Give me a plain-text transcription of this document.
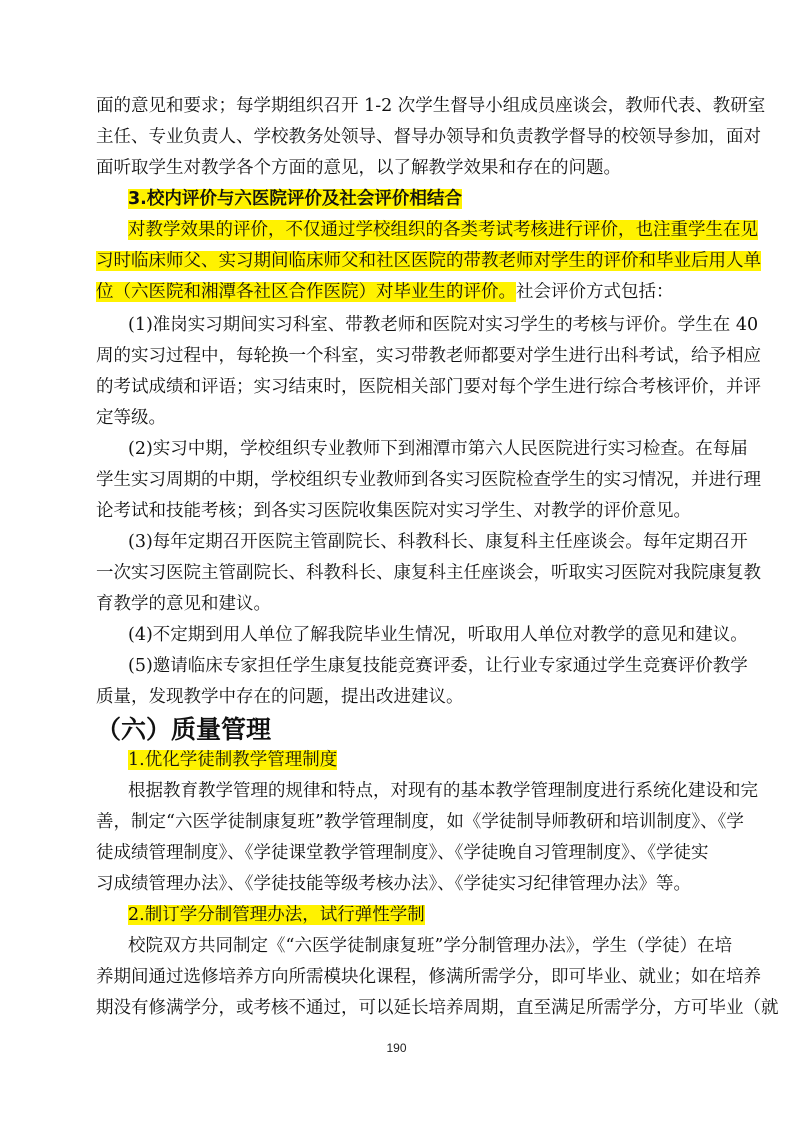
面的意见和要求；每学期组织召开 1-2 次学生督导小组成员座谈会，教师代表、教研室
主任、专业负责人、学校教务处领导、督导办领导和负责教学督导的校领导参加，面对
面听取学生对教学各个方面的意见，以了解教学效果和存在的问题。
3.校内评价与六医院评价及社会评价相结合
对教学效果的评价，不仅通过学校组织的各类考试考核进行评价，也注重学生在见
习时临床师父、实习期间临床师父和社区医院的带教老师对学生的评价和毕业后用人单
位（六医院和湘潭各社区合作医院）对毕业生的评价。社会评价方式包括：
(1)准岗实习期间实习科室、带教老师和医院对实习学生的考核与评价。学生在 40
周的实习过程中，每轮换一个科室，实习带教老师都要对学生进行出科考试，给予相应
的考试成绩和评语；实习结束时，医院相关部门要对每个学生进行综合考核评价，并评
定等级。
(2)实习中期，学校组织专业教师下到湘潭市第六人民医院进行实习检查。在每届
学生实习周期的中期，学校组织专业教师到各实习医院检查学生的实习情况，并进行理
论考试和技能考核；到各实习医院收集医院对实习学生、对教学的评价意见。
(3)每年定期召开医院主管副院长、科教科长、康复科主任座谈会。每年定期召开
一次实习医院主管副院长、科教科长、康复科主任座谈会，听取实习医院对我院康复教
育教学的意见和建议。
(4)不定期到用人单位了解我院毕业生情况，听取用人单位对教学的意见和建议。
(5)邀请临床专家担任学生康复技能竞赛评委，让行业专家通过学生竞赛评价教学
质量，发现教学中存在的问题，提出改进建议。
（六）质量管理
1.优化学徒制教学管理制度
根据教育教学管理的规律和特点，对现有的基本教学管理制度进行系统化建设和完
善，制定“六医学徒制康复班”教学管理制度，如《学徒制导师教研和培训制度》、《学
徒成绩管理制度》、《学徒课堂教学管理制度》、《学徒晚自习管理制度》、《学徒实
习成绩管理办法》、《学徒技能等级考核办法》、《学徒实习纪律管理办法》等。
2.制订学分制管理办法，试行弹性学制
校院双方共同制定《“六医学徒制康复班”学分制管理办法》，学生（学徒）在培
养期间通过选修培养方向所需模块化课程，修满所需学分，即可毕业、就业；如在培养
期没有修满学分，或考核不通过，可以延长培养周期，直至满足所需学分，方可毕业（就
190
